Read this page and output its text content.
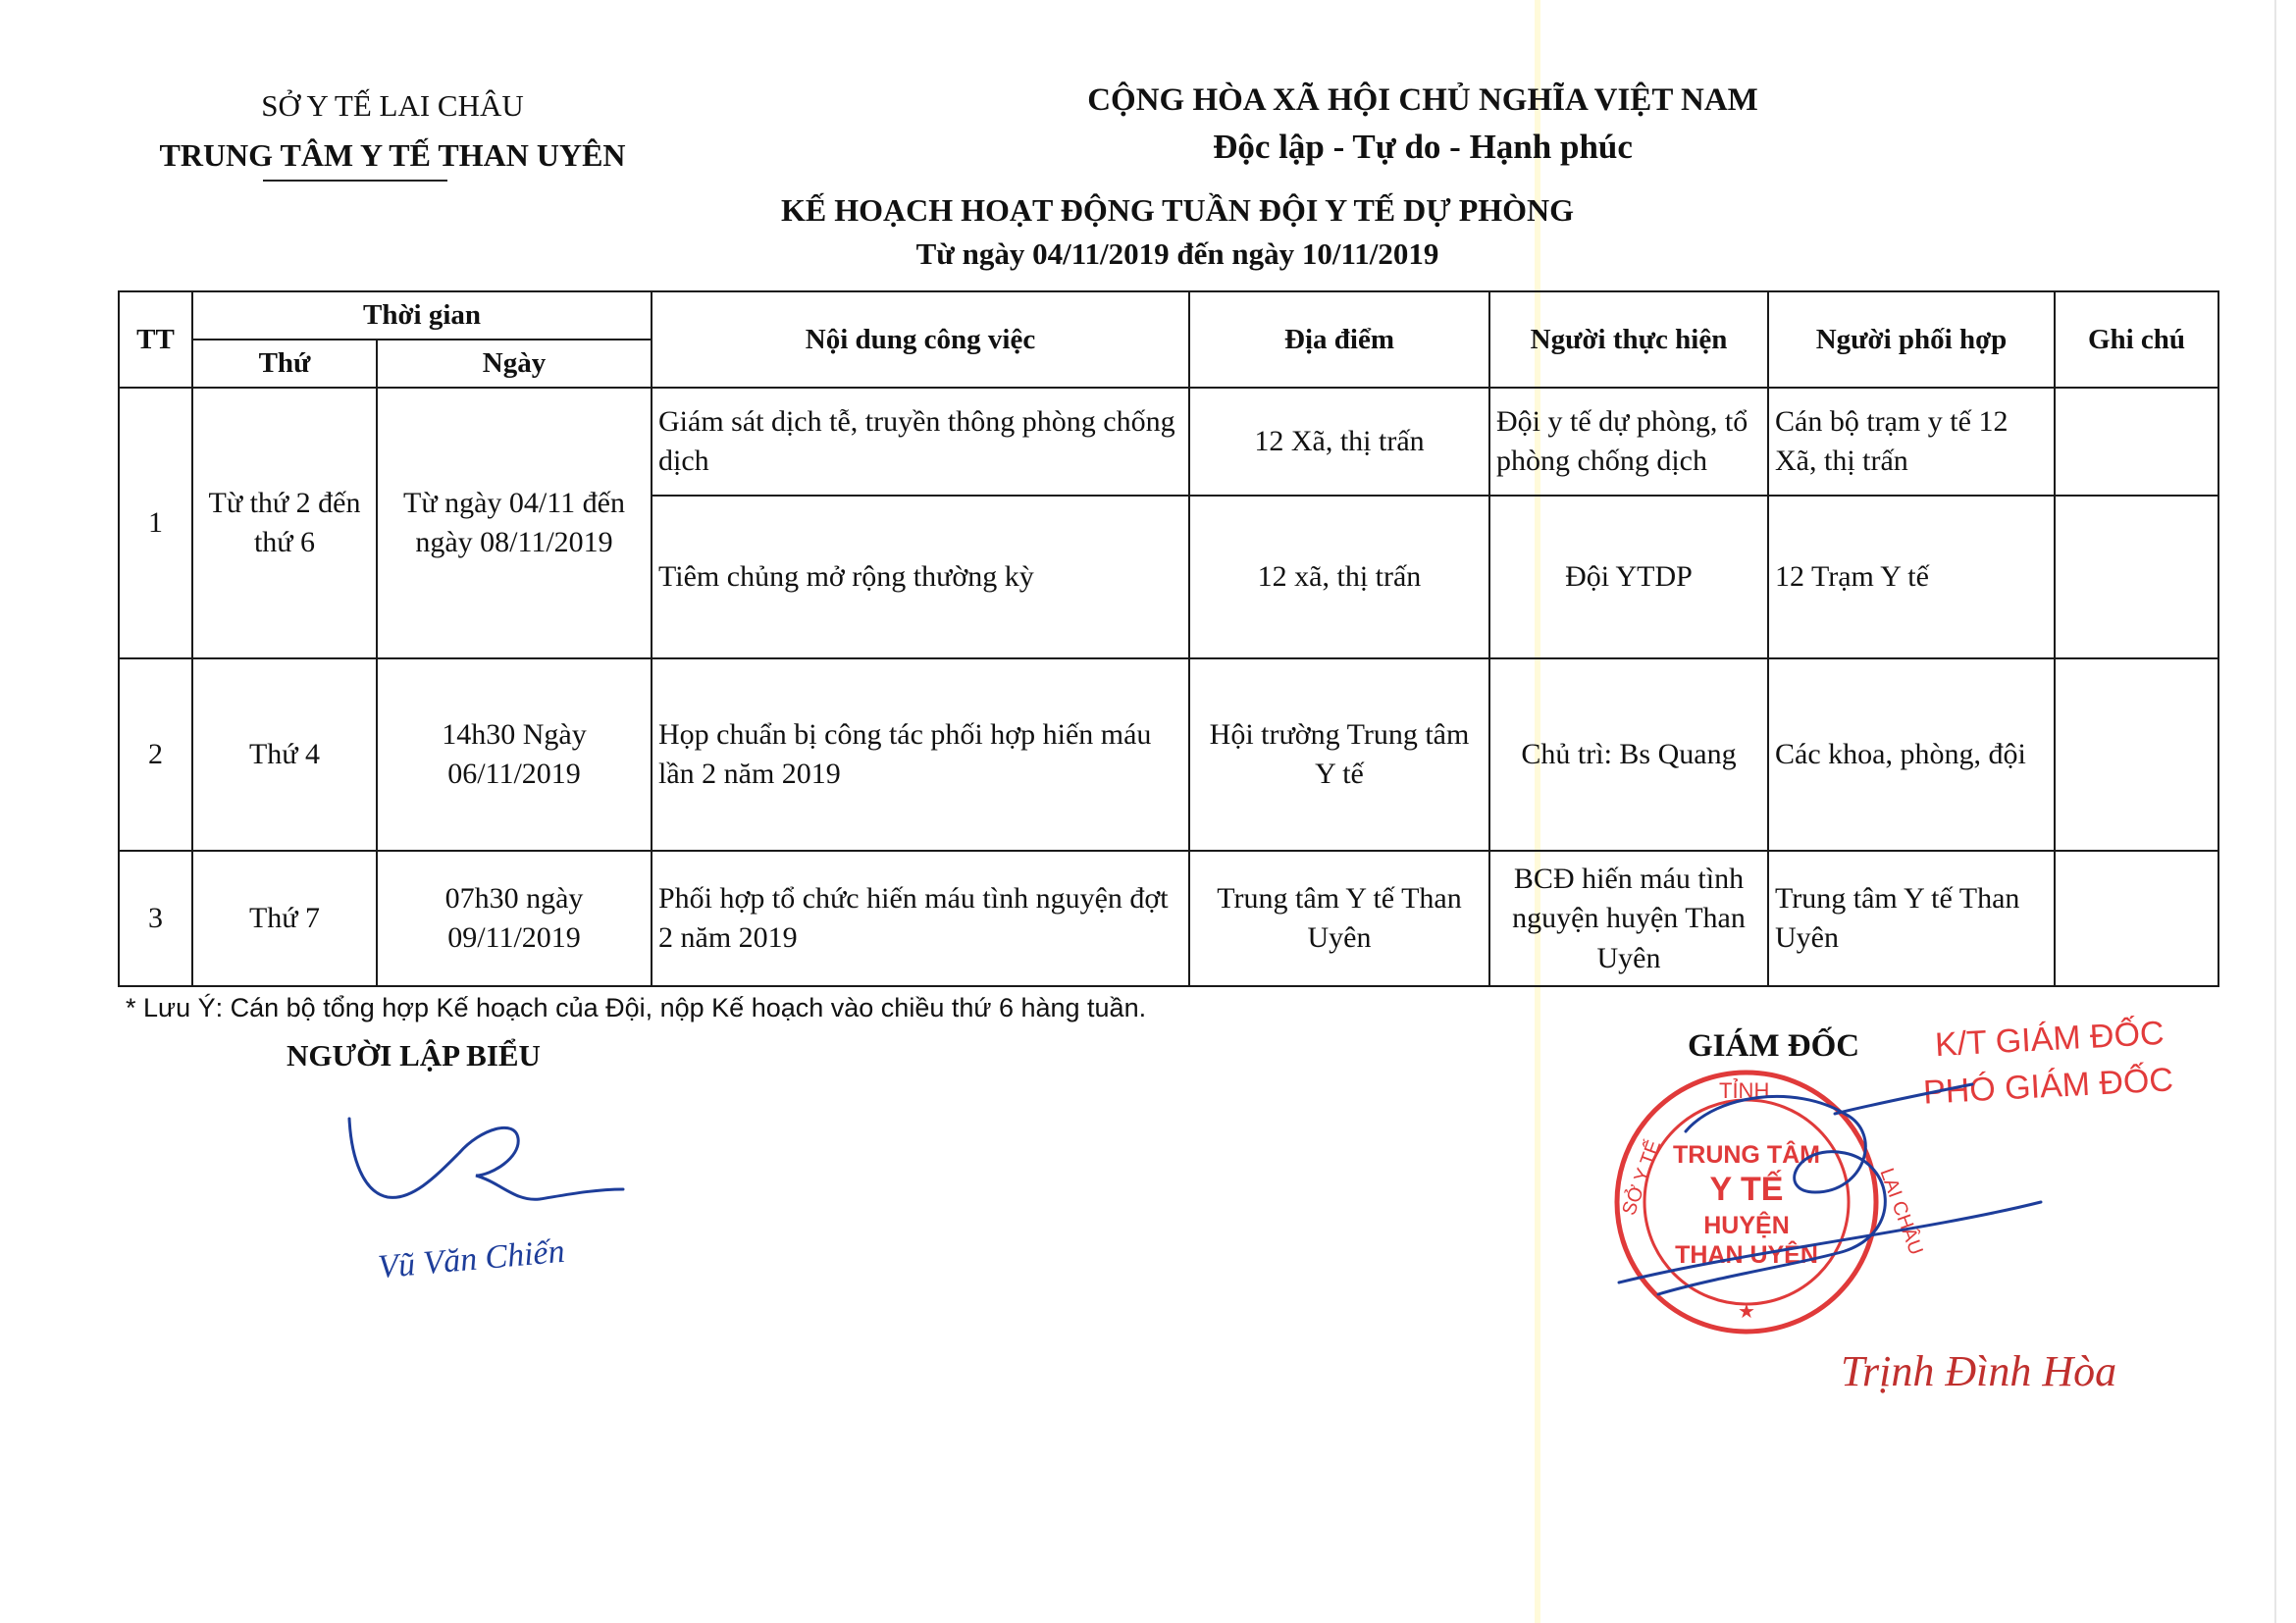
SỞ Y TẾ LAI CHÂU
TRUNG TÂM Y TẾ THAN UYÊN
CỘNG HÒA XÃ HỘI CHỦ NGHĨA VIỆT NAM
Độc lập - Tự do - Hạnh phúc
KẾ HOẠCH HOẠT ĐỘNG TUẦN ĐỘI Y TẾ DỰ PHÒNG
Từ ngày 04/11/2019 đến ngày 10/11/2019
TT	Thời gian		Nội dung công việc	Địa điểm	Người thực hiện	Người phối hợp	Ghi chú
	Thứ	Ngày					
1	Từ thứ 2 đến thứ 6	Từ ngày 04/11 đến ngày 08/11/2019	Giám sát dịch tễ, truyền thông phòng chống dịch	12 Xã, thị trấn	Đội y tế dự phòng, tổ phòng chống dịch	Cán bộ trạm y tế 12 Xã, thị trấn	
			Tiêm chủng mở rộng thường kỳ	12 xã, thị trấn	Đội YTDP	12 Trạm Y tế	
2	Thứ 4	14h30 Ngày 06/11/2019	Họp chuẩn bị công tác phối hợp hiến máu lần 2 năm 2019	Hội trường Trung tâm Y tế	Chủ trì: Bs Quang	Các khoa, phòng, đội	
3	Thứ 7	07h30 ngày 09/11/2019	Phối hợp tổ chức hiến máu tình nguyện đợt 2 năm 2019	Trung tâm Y tế Than Uyên	BCĐ hiến máu tình nguyện huyện Than Uyên	Trung tâm Y tế Than Uyên	
* Lưu Ý: Cán bộ tổng hợp Kế hoạch của Đội, nộp Kế hoạch vào chiều thứ 6 hàng tuần.
NGƯỜI LẬP BIỂU
Vũ Văn Chiến
GIÁM ĐỐC K/T GIÁM ĐỐC
PHÓ GIÁM ĐỐC
TỈNH
SỞ Y TẾ	LAI CHÂU
TRUNG TÂM
Y TẾ
HUYỆN
THAN UYÊN
★
Trịnh Đình Hòa
